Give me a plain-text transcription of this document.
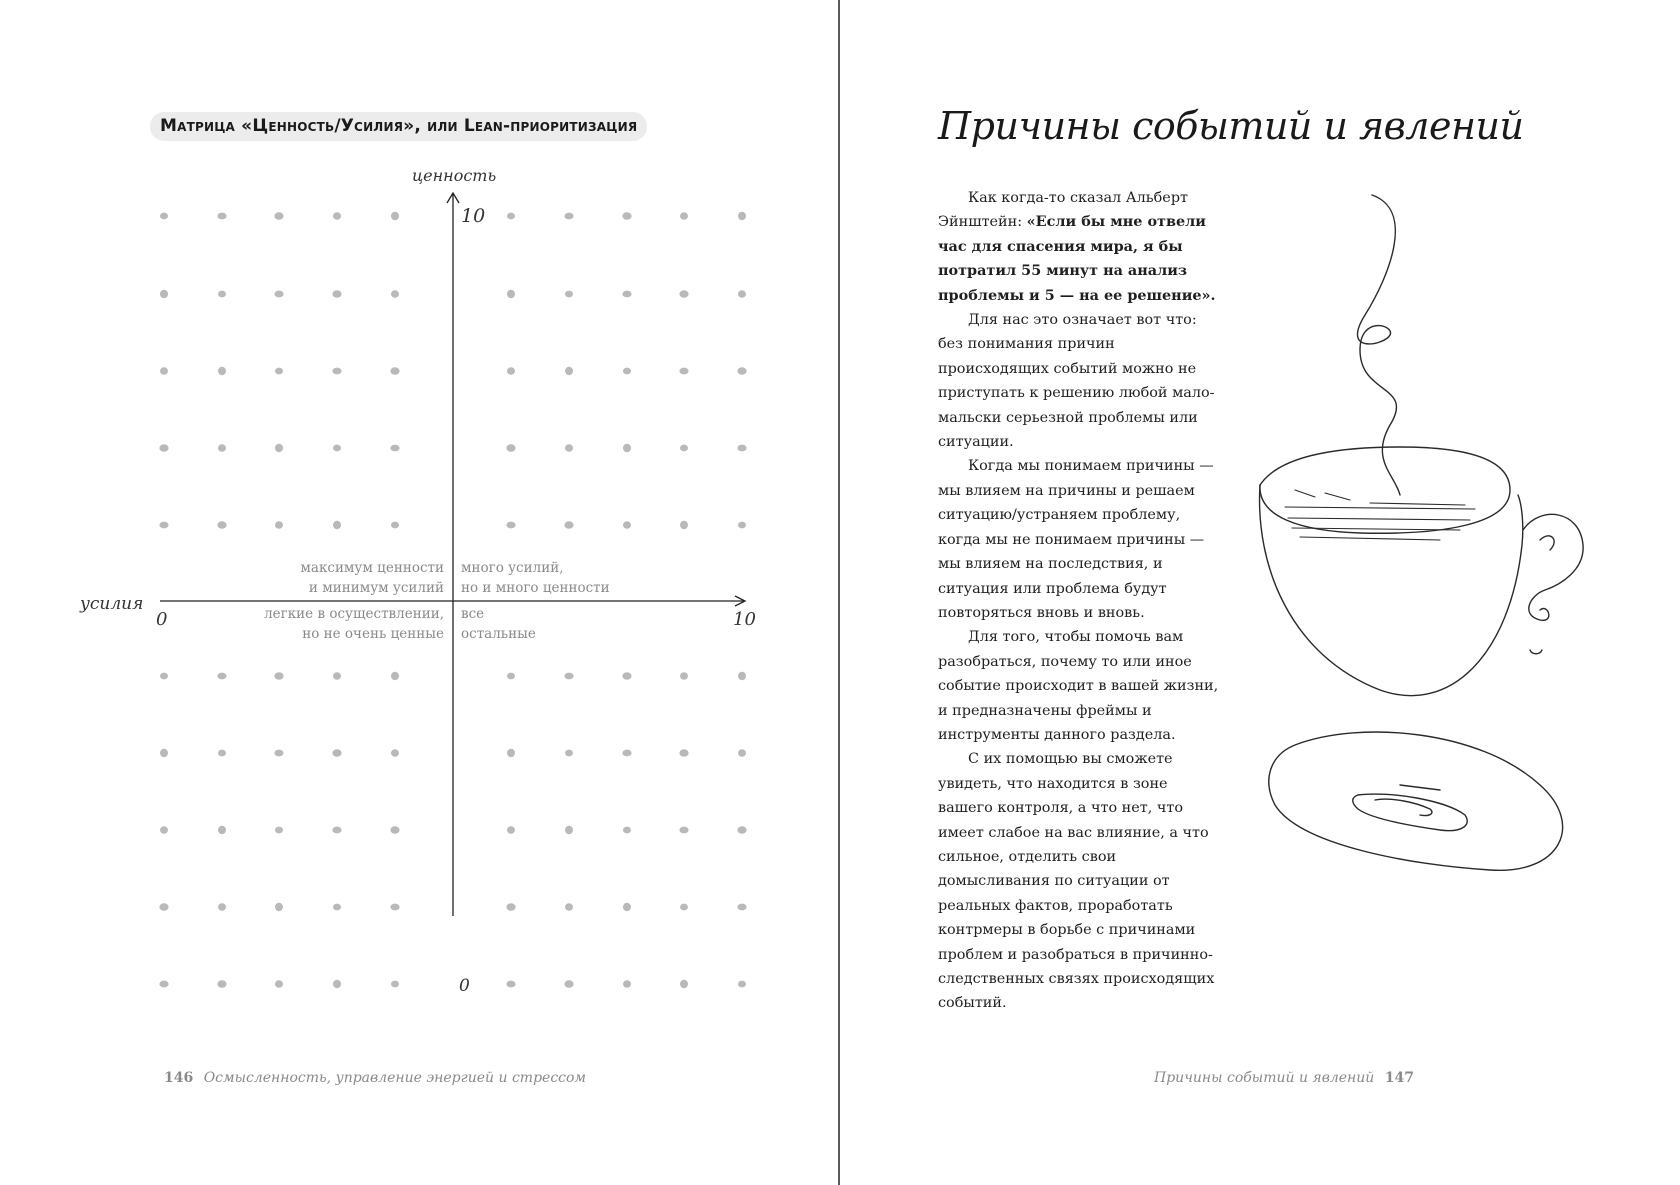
Матрица «Ценность/Усилия», или Lean-приоритизация
ценность
усилия
10
0
0	10
максимум ценности
и минимум усилий
много усилий,
но и много ценности
легкие в осуществлении,
но не очень ценные
все
остальные
146 Осмысленность, управление энергией и стрессом
Причины событий и явлений

Как когда-то сказал Альберт Эйнштейн: «Если бы мне отвели час для спасения мира, я бы потратил 55 минут на анализ проблемы и 5 — на ее решение».

Для нас это означает вот что: без понимания причин происходящих событий можно не приступать к решению любой мало-мальски серьезной проблемы или ситуации.

Когда мы понимаем причины — мы влияем на причины и решаем ситуацию/устраняем проблему, когда мы не понимаем причины — мы влияем на последствия, и ситуация или проблема будут повторяться вновь и вновь.

Для того, чтобы помочь вам разобраться, почему то или иное событие происходит в вашей жизни, и предназначены фреймы и инструменты данного раздела.

С их помощью вы сможете увидеть, что находится в зоне вашего контроля, а что нет, что имеет слабое на вас влияние, а что сильное, отделить свои домысливания по ситуации от реальных фактов, проработать контрмеры в борьбе с причинами проблем и разобраться в причинно-следственных связях происходящих событий.

Причины событий и явлений 147
